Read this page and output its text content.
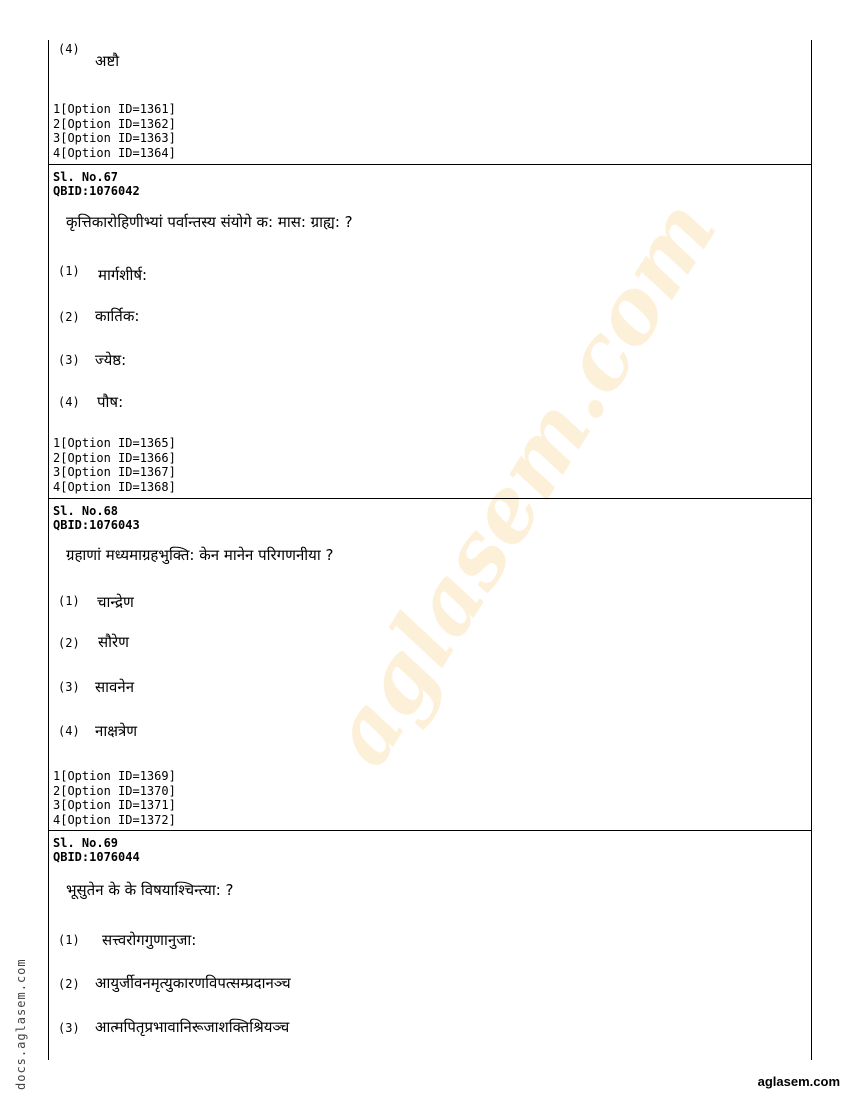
aglasem.com
(4)
अष्टौ
1[Option ID=1361]
2[Option ID=1362]
3[Option ID=1363]
4[Option ID=1364]
Sl. No.67
QBID:1076042
कृत्तिकारोहिणीभ्यां पर्वान्तस्य संयोगे क: मास: ग्राह्य: ?
(1) मार्गशीर्ष:
(2) कार्तिक:
(3) ज्येष्ठ:
(4) पौष:
1[Option ID=1365]
2[Option ID=1366]
3[Option ID=1367]
4[Option ID=1368]
Sl. No.68
QBID:1076043
ग्रहाणां मध्यमाग्रहभुक्ति: केन मानेन परिगणनीया ?
(1) चान्द्रेण
(2) सौरेण
(3) सावनेन
(4) नाक्षत्रेण
1[Option ID=1369]
2[Option ID=1370]
3[Option ID=1371]
4[Option ID=1372]
Sl. No.69
QBID:1076044
भूसुतेन के के विषयाश्चिन्त्या: ?
(1) सत्त्वरोगगुणानुजा:
(2) आयुर्जीवनमृत्युकारणविपत्सम्प्रदानञ्च
(3) आत्मपितृप्रभावानिरूजाशक्तिश्रियञ्च
docs.aglasem.com	aglasem.com
